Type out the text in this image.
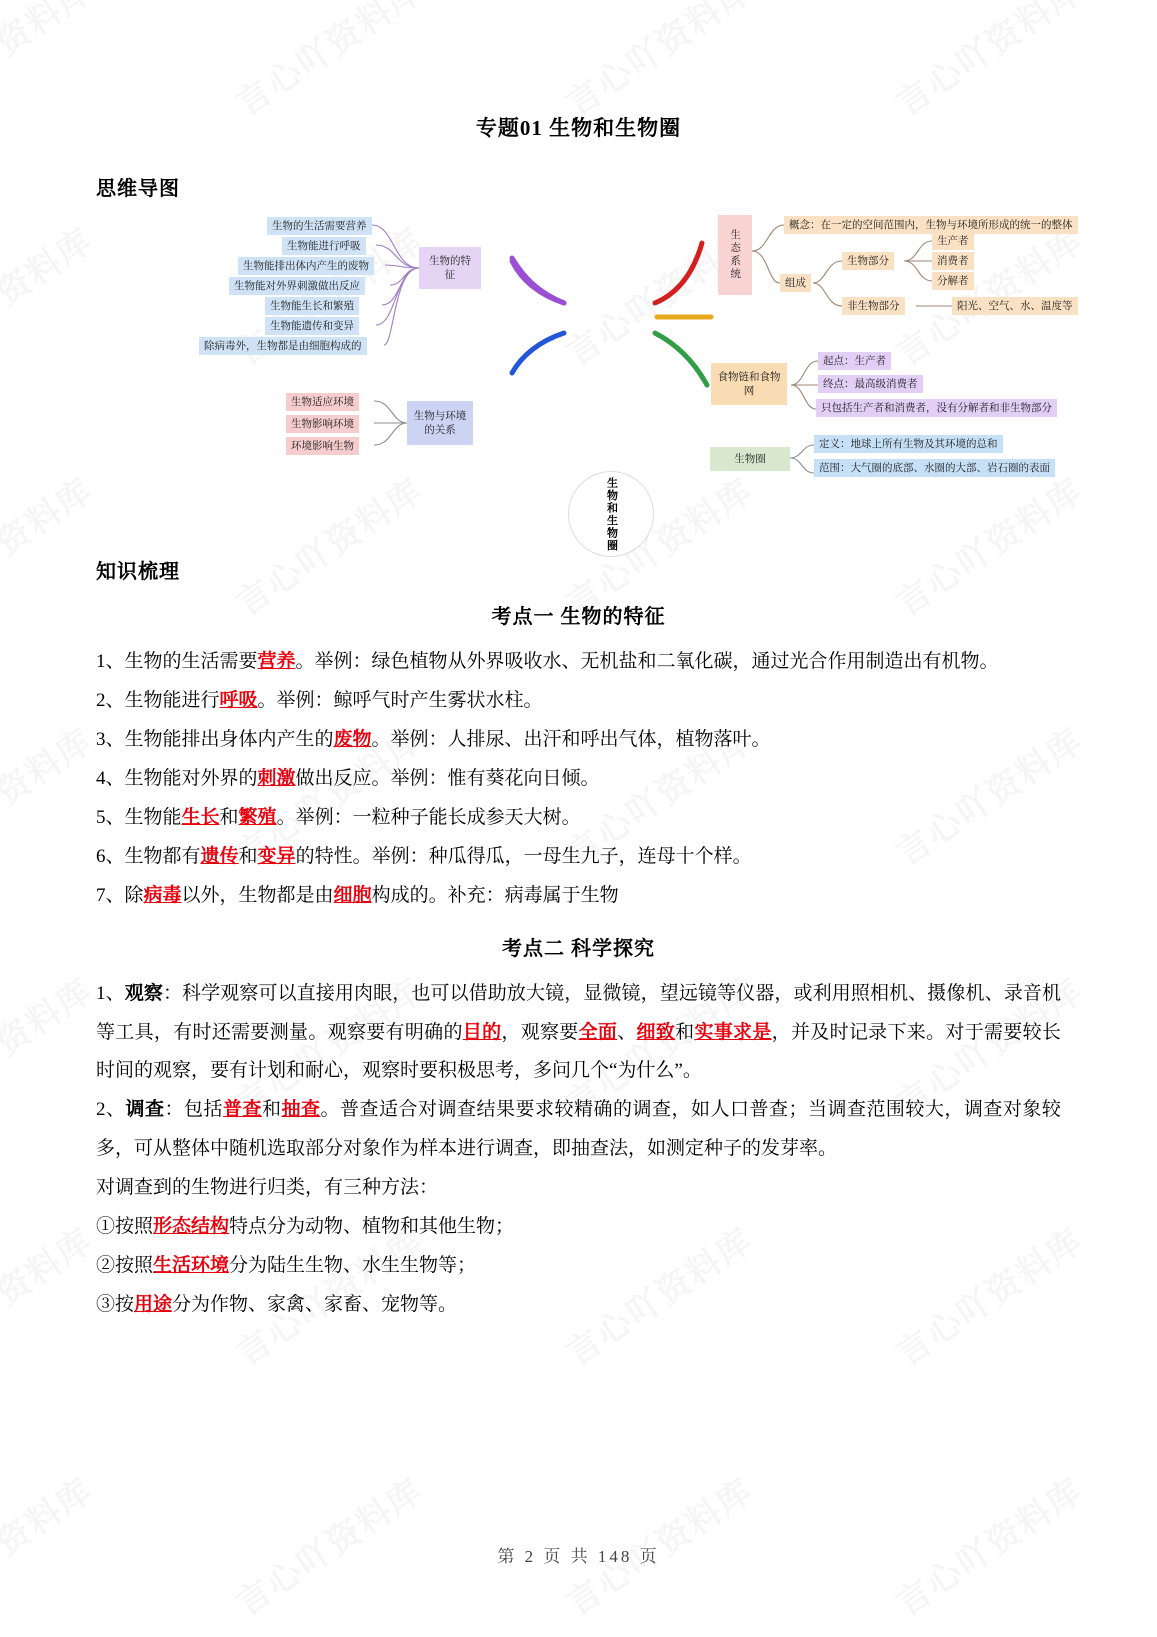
专题01 生物和生物圈
思维导图
生物和生物圈
生物的特征
生物的生活需要营养
生物能进行呼吸
生物能排出体内产生的废物
生物能对外界刺激做出反应
生物能生长和繁殖
生物能遗传和变异
除病毒外，生物都是由细胞构成的
生物与环境的关系
生物适应环境
生物影响环境
环境影响生物
生态系统
概念：在一定的空间范围内，生物与环境所形成的统一的整体
组成
生物部分
生产者
消费者
分解者
非生物部分	阳光、空气、水、温度等
食物链和食物网
起点：生产者
终点：最高级消费者
只包括生产者和消费者，没有分解者和非生物部分
生物圈
定义：地球上所有生物及其环境的总和
范围：大气圈的底部、水圈的大部、岩石圈的表面
知识梳理
考点一 生物的特征

1、生物的生活需要营养。举例：绿色植物从外界吸收水、无机盐和二氧化碳，通过光合作用制造出有机物。

2、生物能进行呼吸。举例：鲸呼气时产生雾状水柱。

3、生物能排出身体内产生的废物。举例：人排尿、出汗和呼出气体，植物落叶。

4、生物能对外界的刺激做出反应。举例：惟有葵花向日倾。

5、生物能生长和繁殖。举例：一粒种子能长成参天大树。

6、生物都有遗传和变异的特性。举例：种瓜得瓜，一母生九子，连母十个样。

7、除病毒以外，生物都是由细胞构成的。补充：病毒属于生物

考点二 科学探究

1、观察：科学观察可以直接用肉眼，也可以借助放大镜，显微镜，望远镜等仪器，或利用照相机、摄像机、录音机等工具，有时还需要测量。观察要有明确的目的，观察要全面、细致和实事求是，并及时记录下来。对于需要较长时间的观察，要有计划和耐心，观察时要积极思考，多问几个“为什么”。

2、调查：包括普查和抽查。普查适合对调查结果要求较精确的调查，如人口普查；当调查范围较大，调查对象较多，可从整体中随机选取部分对象作为样本进行调查，即抽查法，如测定种子的发芽率。

对调查到的生物进行归类，有三种方法：

①按照形态结构特点分为动物、植物和其他生物；

②按照生活环境分为陆生生物、水生生物等；

③按用途分为作物、家禽、家畜、宠物等。

第 2 页 共 148 页
